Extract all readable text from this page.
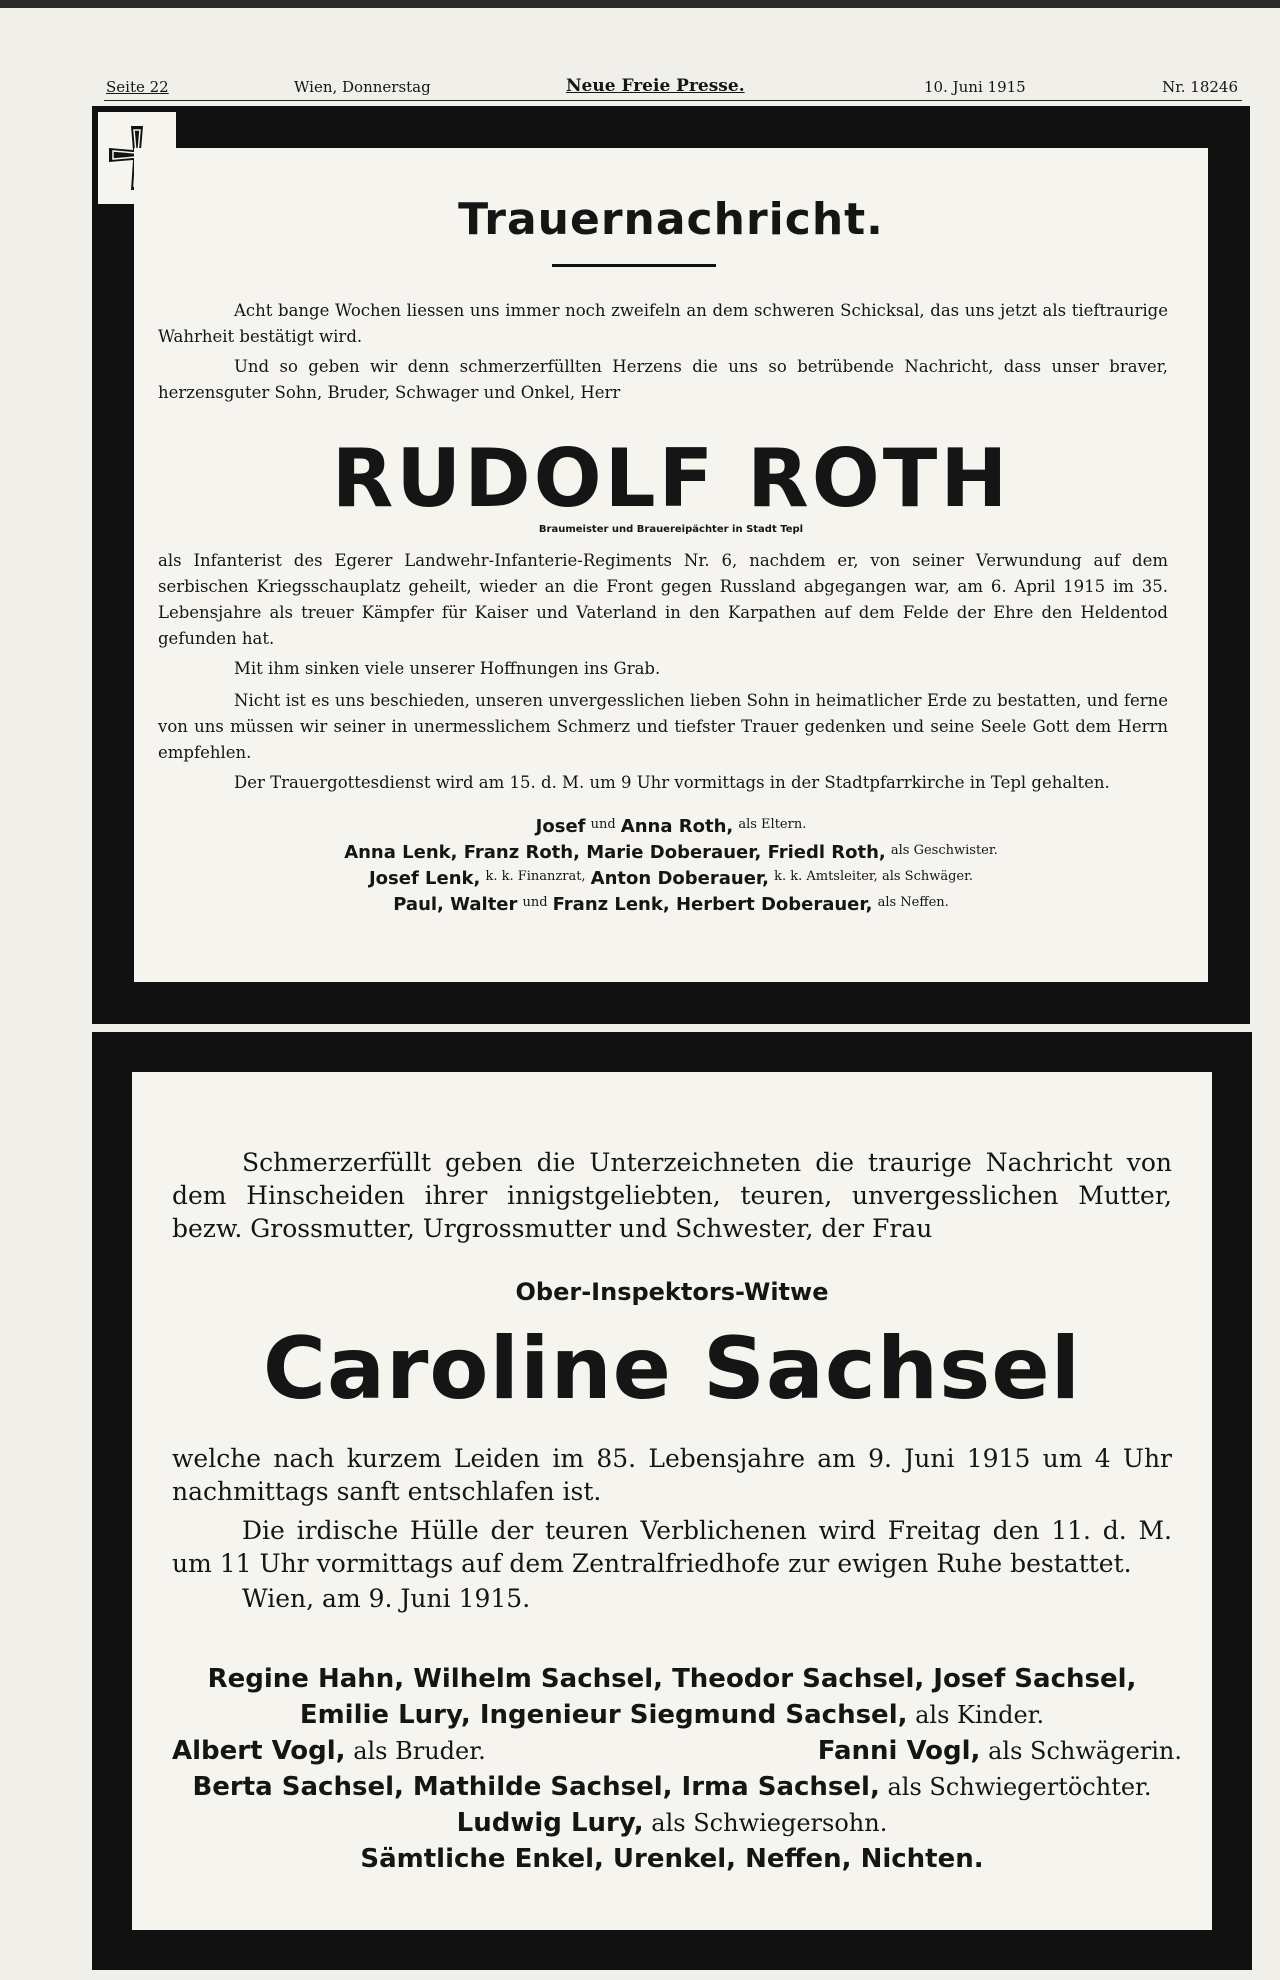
Seite 22	Wien, Donnerstag	Neue Freie Presse.	10. Juni 1915	Nr. 18246
Trauernachricht.

Acht bange Wochen liessen uns immer noch zweifeln an dem schweren Schicksal, das uns jetzt als tieftraurige Wahrheit bestätigt wird.

Und so geben wir denn schmerzerfüllten Herzens die uns so betrübende Nachricht, dass unser braver, herzensguter Sohn, Bruder, Schwager und Onkel, Herr

RUDOLF ROTH
Braumeister und Brauereipächter in Stadt Tepl

als Infanterist des Egerer Landwehr-Infanterie-Regiments Nr. 6, nachdem er, von seiner Verwundung auf dem serbischen Kriegsschauplatz geheilt, wieder an die Front gegen Russland abgegangen war, am 6. April 1915 im 35. Lebensjahre als treuer Kämpfer für Kaiser und Vaterland in den Karpathen auf dem Felde der Ehre den Heldentod gefunden hat.

Mit ihm sinken viele unserer Hoffnungen ins Grab.

Nicht ist es uns beschieden, unseren unvergesslichen lieben Sohn in heimatlicher Erde zu bestatten, und ferne von uns müssen wir seiner in unermesslichem Schmerz und tiefster Trauer gedenken und seine Seele Gott dem Herrn empfehlen.

Der Trauergottesdienst wird am 15. d. M. um 9 Uhr vormittags in der Stadtpfarrkirche in Tepl gehalten.

Josef $^{und}$ Anna Roth, $^{als Eltern.}$
Anna Lenk, Franz Roth, Marie Doberauer, Friedl Roth, $^{als Geschwister.}$
Josef Lenk, $^{k. k. Finanzrat,}$ Anton Doberauer, $^{k. k. Amtsleiter, als Schwäger.}$
Paul, Walter $^{und}$ Franz Lenk, Herbert Doberauer, $^{als Neffen.}$

Schmerzerfüllt geben die Unterzeichneten die traurige Nachricht von dem Hinscheiden ihrer innigstgeliebten, teuren, unvergesslichen Mutter, bezw. Grossmutter, Urgrossmutter und Schwester, der Frau

Ober-Inspektors-Witwe
Caroline Sachsel

welche nach kurzem Leiden im 85. Lebensjahre am 9. Juni 1915 um 4 Uhr nachmittags sanft entschlafen ist.

Die irdische Hülle der teuren Verblichenen wird Freitag den 11. d. M. um 11 Uhr vormittags auf dem Zentralfriedhofe zur ewigen Ruhe bestattet.

Wien, am 9. Juni 1915.

Regine Hahn, Wilhelm Sachsel, Theodor Sachsel, Josef Sachsel,
Emilie Lury, Ingenieur Siegmund Sachsel, als Kinder.
Albert Vogl, als Bruder.	Fanni Vogl, als Schwägerin.
Berta Sachsel, Mathilde Sachsel, Irma Sachsel, als Schwiegertöchter.
Ludwig Lury, als Schwiegersohn.
Sämtliche Enkel, Urenkel, Neffen, Nichten.
